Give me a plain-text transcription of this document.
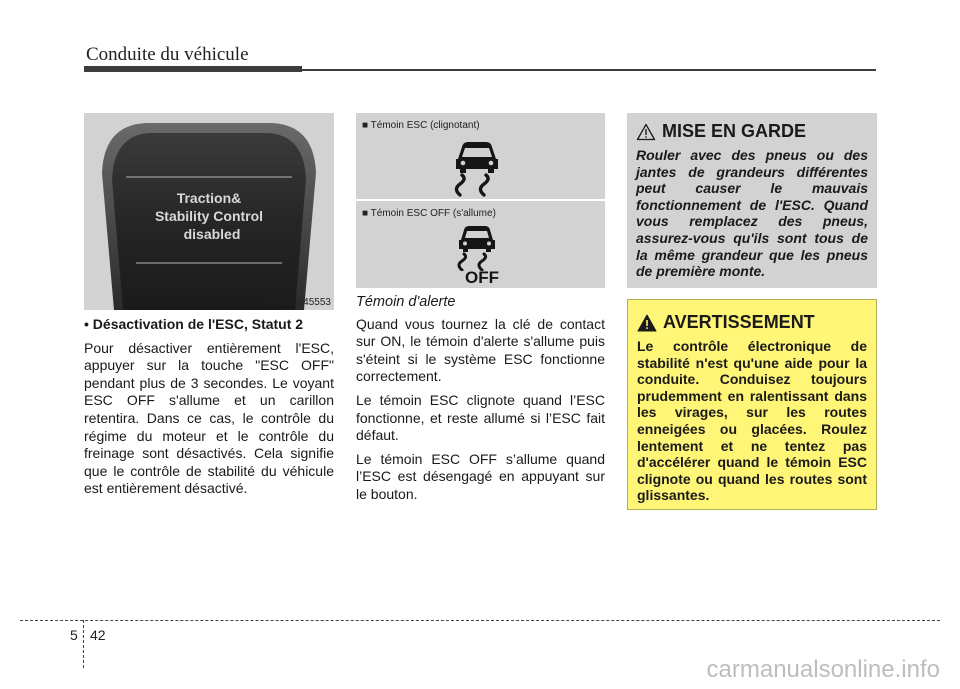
Conduite du véhicule
Traction&
Stability Control
disabled
OGDE045553
• Désactivation de l'ESC, Statut 2

Pour désactiver entièrement l'ESC, appuyer sur la touche "ESC OFF" pendant plus de 3 secondes. Le voyant ESC OFF s'allume et un carillon retentira. Dans ce cas, le contrôle du régime du moteur et le contrôle du freinage sont désactivés. Cela signifie que le contrôle de stabilité du véhicule est entièrement désactivé.

■ Témoin ESC (clignotant)
■ Témoin ESC OFF (s'allume)
OFF
Témoin d'alerte

Quand vous tournez la clé de contact sur ON, le témoin d'alerte s'allume puis s'éteint si le système ESC fonctionne correctement.

Le témoin ESC clignote quand l’ESC fonctionne, et reste allumé si l’ESC fait défaut.

Le témoin ESC OFF s’allume quand l’ESC est désengagé en appuyant sur le bouton.

MISE EN GARDE

Rouler avec des pneus ou des jantes de grandeurs différentes peut causer le mauvais fonctionnement de l'ESC. Quand vous remplacez des pneus, assurez-vous qu'ils sont tous de la même grandeur que les pneus de première monte.

AVERTISSEMENT

Le contrôle électronique de stabilité n'est qu'une aide pour la conduite. Conduisez toujours prudemment en ralentissant dans les virages, sur les routes enneigées ou glacées. Roulez lentement et ne tentez pas d'accélérer quand le témoin ESC clignote ou quand les routes sont glissantes.

5 42
carmanualsonline.info
